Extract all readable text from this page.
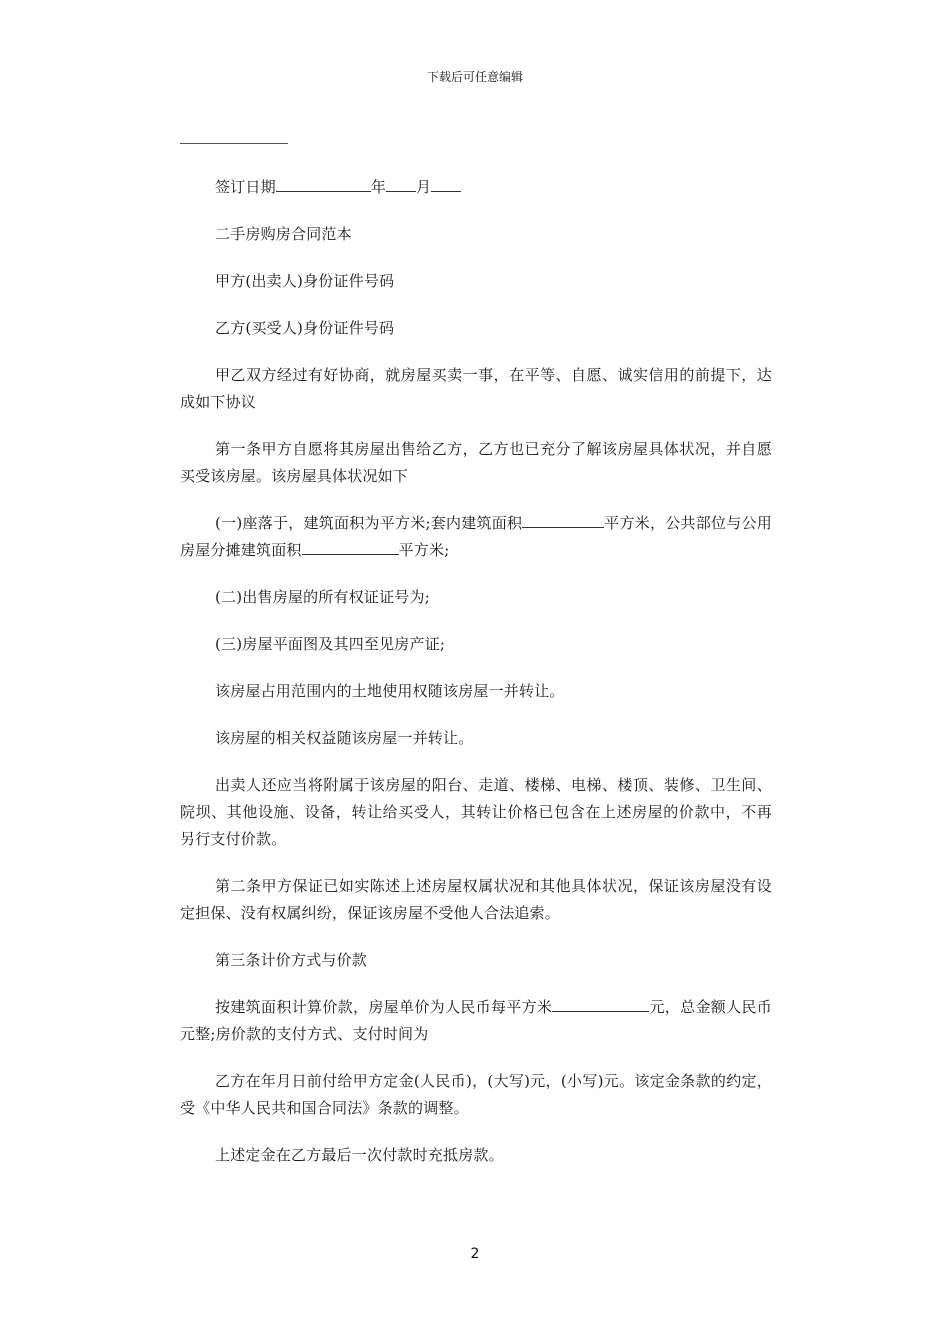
下载后可任意编辑

签订日期	年 月

二手房购房合同范本

甲方(出卖人)身份证件号码

乙方(买受人)身份证件号码

甲乙双方经过有好协商，就房屋买卖一事，在平等、自愿、诚实信用的前提下，达成如下协议

第一条甲方自愿将其房屋出售给乙方，乙方也已充分了解该房屋具体状况，并自愿买受该房屋。该房屋具体状况如下

(一)座落于，建筑面积为平方米;套内建筑面积	平方米，公共部位与公用房屋分摊建筑面积	平方米;

(二)出售房屋的所有权证证号为;

(三)房屋平面图及其四至见房产证;

该房屋占用范围内的土地使用权随该房屋一并转让。

该房屋的相关权益随该房屋一并转让。

出卖人还应当将附属于该房屋的阳台、走道、楼梯、电梯、楼顶、装修、卫生间、院坝、其他设施、设备，转让给买受人，其转让价格已包含在上述房屋的价款中，不再另行支付价款。

第二条甲方保证已如实陈述上述房屋权属状况和其他具体状况，保证该房屋没有设定担保、没有权属纠纷，保证该房屋不受他人合法追索。

第三条计价方式与价款

按建筑面积计算价款，房屋单价为人民币每平方米	元，总金额人民币元整;房价款的支付方式、支付时间为

乙方在年月日前付给甲方定金(人民币)，(大写)元，(小写)元。该定金条款的约定，受《中华人民共和国合同法》条款的调整。

上述定金在乙方最后一次付款时充抵房款。

2
